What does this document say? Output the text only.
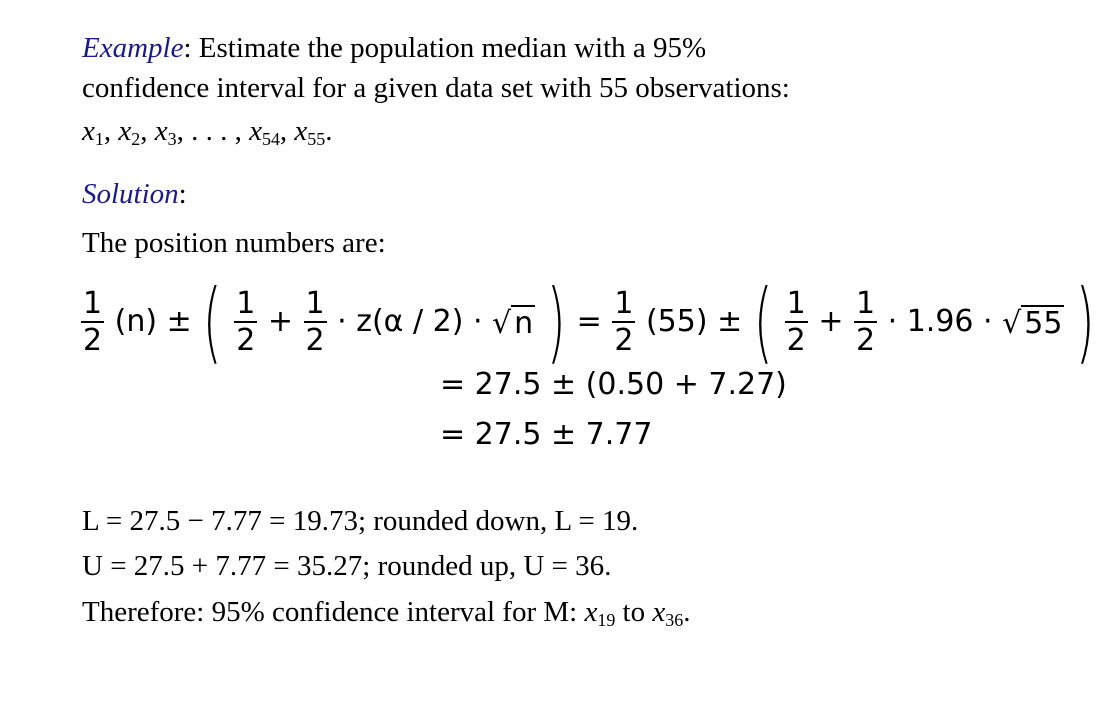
Example: Estimate the population median with a 95%
confidence interval for a given data set with 55 observations:
$x_1$, $x_2$, $x_3$, . . . , $x_{54}$, $x_{55}$.
Solution:
The position numbers are:
$\frac{1}{2} (n)$ ± ( $\frac{1}{2} + \frac{1}{2} \cdot z(\alpha / 2)$ · √ n ) = $\frac{1}{2} (55)$ ± ( $\frac{1}{2} + \frac{1}{2} \cdot 1.96$ · √ 55 )
= 27.5 ± (0.50 + 7.27)
= 27.5 ± 7.77
L = 27.5 − 7.77 = 19.73; rounded down, L = 19.
U = 27.5 + 7.77 = 35.27; rounded up, U = 36.
Therefore: 95% confidence interval for M: $x_{19}$ to $x_{36}$.
